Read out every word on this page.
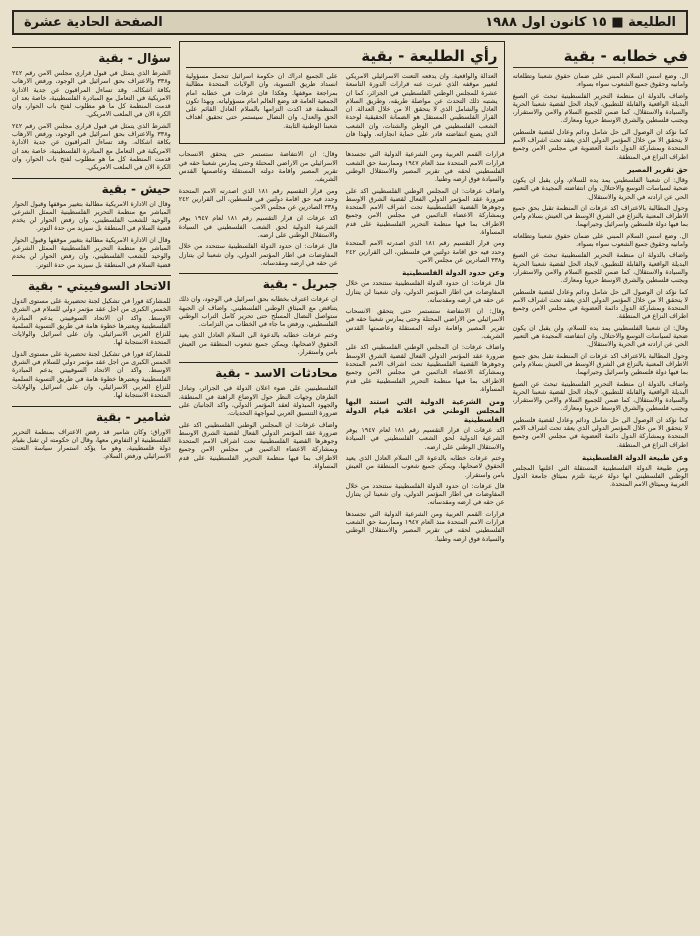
الطليعة ■ ١٥ كانون اول ١٩٨٨
الصفحة الحادية عشرة
في خطابه - بقية

ال. وضع اسس السلام المبني على ضمان حقوق شعبنا وتطلعاته وامانيه وحقوق جميع الشعوب سواء بسواء.

واضاف بالدولة ان منظمة التحرير الفلسطينية تبحث عن الصيغ البديلة الواقعية والقابلة للتطبيق، لايجاد الحل لقضية شعبنا الحرية والسيادة والاستقلال، كما ضمن للجميع السلام والامن والاستقرار، ويجنب فلسطين والشرق الاوسط حروبا ومعارك.

كما نؤكد ان الوصول الى حل شامل ودائم وعادل لقضية فلسطين لا يتحقق الا من خلال المؤتمر الدولي الذي يعقد تحت اشراف الامم المتحدة وبمشاركة الدول دائمة العضوية في مجلس الامن وجميع اطراف النزاع في المنطقة.

حق تقرير المصير

وقال: ان شعبنا الفلسطيني يمد يده للسلام، ولن يقبل ان يكون ضحية لسياسات التوسع والاحتلال، وان انتفاضته المجيدة هي التعبير الحي عن ارادته في الحرية والاستقلال.

وحول المطالبة بالاعتراف اكد عرفات ان المنظمة تقبل بحق جميع الاطراف المعنية بالنزاع في الشرق الاوسط في العيش بسلام وامن بما فيها دولة فلسطين واسرائيل وجيرانهما.

ال. وضع اسس السلام المبني على ضمان حقوق شعبنا وتطلعاته وامانيه وحقوق جميع الشعوب سواء بسواء.

واضاف بالدولة ان منظمة التحرير الفلسطينية تبحث عن الصيغ البديلة الواقعية والقابلة للتطبيق، لايجاد الحل لقضية شعبنا الحرية والسيادة والاستقلال، كما ضمن للجميع السلام والامن والاستقرار، ويجنب فلسطين والشرق الاوسط حروبا ومعارك.

كما نؤكد ان الوصول الى حل شامل ودائم وعادل لقضية فلسطين لا يتحقق الا من خلال المؤتمر الدولي الذي يعقد تحت اشراف الامم المتحدة وبمشاركة الدول دائمة العضوية في مجلس الامن وجميع اطراف النزاع في المنطقة.

وقال: ان شعبنا الفلسطيني يمد يده للسلام، ولن يقبل ان يكون ضحية لسياسات التوسع والاحتلال، وان انتفاضته المجيدة هي التعبير الحي عن ارادته في الحرية والاستقلال.

وحول المطالبة بالاعتراف اكد عرفات ان المنظمة تقبل بحق جميع الاطراف المعنية بالنزاع في الشرق الاوسط في العيش بسلام وامن بما فيها دولة فلسطين واسرائيل وجيرانهما.

واضاف بالدولة ان منظمة التحرير الفلسطينية تبحث عن الصيغ البديلة الواقعية والقابلة للتطبيق، لايجاد الحل لقضية شعبنا الحرية والسيادة والاستقلال، كما ضمن للجميع السلام والامن والاستقرار، ويجنب فلسطين والشرق الاوسط حروبا ومعارك.

كما نؤكد ان الوصول الى حل شامل ودائم وعادل لقضية فلسطين لا يتحقق الا من خلال المؤتمر الدولي الذي يعقد تحت اشراف الامم المتحدة وبمشاركة الدول دائمة العضوية في مجلس الامن وجميع اطراف النزاع في المنطقة.

وعن طبيعة الدولة الفلسطينية

ومن طبيعة الدولة الفلسطينية المستقلة التي اعلنها المجلس الوطني الفلسطيني انها دولة عربية تلتزم بميثاق جامعة الدول العربية وبميثاق الامم المتحدة.

رأي الطليعة - بقية
العدالة والواقعية. وان يدفعه التعنت الاسرائيلي الامريكي لتغيير موقفه الذي عبرت عنه قرارات الدورة التاسعة عشرة للمجلس الوطني الفلسطيني في الجزائر، كما ان يشتبه ذلك التحدث عن مواصلة طريقه، وطريق السلام العادل والشامل الذي لا يتحقق الا من خلال العدالة. ان القرار الفلسطيني المستقل هو الضمانة الحقيقية لوحدة الشعب الفلسطيني في الوطن والشتات، وان الشعب الذي يصنع انتفاضته قادر على حماية انجازاته. ولهذا فان على الجميع ادراك ان حكومة اسرائيل تتحمل مسؤولية انسداد طريق التسوية، وان الولايات المتحدة مطالبة بمراجعة موقفها. وهكذا فان عرفات في خطابه امام الجمعية العامة قد وضع العالم امام مسؤولياته. وبهذا تكون المنظمة قد اكدت التزامها بالسلام العادل القائم على الحق والعدل، وان النضال سيستمر حتى تحقيق اهداف شعبنا الوطنية الثابتة.

قرارات القمم العربية ومن الشرعية الدولية التي تجسدها قرارات الامم المتحدة منذ العام ١٩٤٧ وممارسة حق الشعب الفلسطيني لحقه في تقرير المصير والاستقلال الوطني والسيادة فوق ارضه وطنيا.

واضاف عرفات: ان المجلس الوطني الفلسطيني اكد على ضرورة عقد المؤتمر الدولي الفعال لقضية الشرق الاوسط وجوهرها القضية الفلسطينية تحت اشراف الامم المتحدة وبمشاركة الاعضاء الدائمين في مجلس الامن وجميع الاطراف بما فيها منظمة التحرير الفلسطينية على قدم المساواة.

ومن قرار التقسيم رقم ١٨١ الذي اصدرته الامم المتحدة وحدد فيه حق اقامة دولتين في فلسطين، الى القرارين ٢٤٢ و٣٣٨ الصادرين عن مجلس الامن.

وعن حدود الدولة الفلسطينية

قال عرفات: ان حدود الدولة الفلسطينية ستتحدد من خلال المفاوضات في اطار المؤتمر الدولي، وان شعبنا لن يتنازل عن حقه في ارضه ومقدساته.

وقال: ان الانتفاضة ستستمر حتى يتحقق الانسحاب الاسرائيلي من الاراضي المحتلة وحتى يمارس شعبنا حقه في تقرير المصير واقامة دولته المستقلة وعاصمتها القدس الشريف.

واضاف عرفات: ان المجلس الوطني الفلسطيني اكد على ضرورة عقد المؤتمر الدولي الفعال لقضية الشرق الاوسط وجوهرها القضية الفلسطينية تحت اشراف الامم المتحدة وبمشاركة الاعضاء الدائمين في مجلس الامن وجميع الاطراف بما فيها منظمة التحرير الفلسطينية على قدم المساواة.

ومن الشرعية الدولية التي استند اليها المجلس الوطني في اعلانه قيام الدولة الفلسطينية

اكد عرفات ان قرار التقسيم رقم ١٨١ لعام ١٩٤٧ يوفر الشرعية الدولية لحق الشعب الفلسطيني في السيادة والاستقلال الوطني على ارضه.

وختم عرفات خطابه بالدعوة الى السلام العادل الذي يعيد الحقوق لاصحابها، ويمكن جميع شعوب المنطقة من العيش بامن واستقرار.

قال عرفات: ان حدود الدولة الفلسطينية ستتحدد من خلال المفاوضات في اطار المؤتمر الدولي، وان شعبنا لن يتنازل عن حقه في ارضه ومقدساته.

قرارات القمم العربية ومن الشرعية الدولية التي تجسدها قرارات الامم المتحدة منذ العام ١٩٤٧ وممارسة حق الشعب الفلسطيني لحقه في تقرير المصير والاستقلال الوطني والسيادة فوق ارضه وطنيا.

وقال: ان الانتفاضة ستستمر حتى يتحقق الانسحاب الاسرائيلي من الاراضي المحتلة وحتى يمارس شعبنا حقه في تقرير المصير واقامة دولته المستقلة وعاصمتها القدس الشريف.

ومن قرار التقسيم رقم ١٨١ الذي اصدرته الامم المتحدة وحدد فيه حق اقامة دولتين في فلسطين، الى القرارين ٢٤٢ و٣٣٨ الصادرين عن مجلس الامن.

اكد عرفات ان قرار التقسيم رقم ١٨١ لعام ١٩٤٧ يوفر الشرعية الدولية لحق الشعب الفلسطيني في السيادة والاستقلال الوطني على ارضه.

قال عرفات: ان حدود الدولة الفلسطينية ستتحدد من خلال المفاوضات في اطار المؤتمر الدولي، وان شعبنا لن يتنازل عن حقه في ارضه ومقدساته.

جبريل - بقية

ان عرفات اعترف بخطابه بحق اسرائيل في الوجود، وان ذلك يتناقض مع الميثاق الوطني الفلسطيني. واضاف ان الجبهة ستواصل النضال المسلح حتى تحرير كامل التراب الوطني الفلسطيني، ورفض ما جاء في الخطاب من التزامات.

وختم عرفات خطابه بالدعوة الى السلام العادل الذي يعيد الحقوق لاصحابها، ويمكن جميع شعوب المنطقة من العيش بامن واستقرار.

محادثات الاسد - بقية

الفلسطينيين على ضوء اعلان الدولة في الجزائر، وتبادل الطرفان وجهات النظر حول الاوضاع الراهنة في المنطقة، والجهود المبذولة لعقد المؤتمر الدولي، واكد الجانبان على ضرورة التنسيق العربي لمواجهة التحديات.

واضاف عرفات: ان المجلس الوطني الفلسطيني اكد على ضرورة عقد المؤتمر الدولي الفعال لقضية الشرق الاوسط وجوهرها القضية الفلسطينية تحت اشراف الامم المتحدة وبمشاركة الاعضاء الدائمين في مجلس الامن وجميع الاطراف بما فيها منظمة التحرير الفلسطينية على قدم المساواة.

سؤال - بقية

الشرط الذي يتمثل في قبول قراري مجلس الامن رقم ٢٤٢ و٣٣٨ والاعتراف بحق اسرائيل في الوجود، ورفض الارهاب بكافة اشكاله. وقد تساءل المراقبون عن جدية الادارة الامريكية في التعامل مع المبادرة الفلسطينية، خاصة بعد ان قدمت المنظمة كل ما هو مطلوب لفتح باب الحوار، وان الكرة الان في الملعب الامريكي.

الشرط الذي يتمثل في قبول قراري مجلس الامن رقم ٢٤٢ و٣٣٨ والاعتراف بحق اسرائيل في الوجود، ورفض الارهاب بكافة اشكاله. وقد تساءل المراقبون عن جدية الادارة الامريكية في التعامل مع المبادرة الفلسطينية، خاصة بعد ان قدمت المنظمة كل ما هو مطلوب لفتح باب الحوار، وان الكرة الان في الملعب الامريكي.

حيش - بقية

وقال ان الادارة الامريكية مطالبة بتغيير موقفها وقبول الحوار المباشر مع منظمة التحرير الفلسطينية الممثل الشرعي والوحيد للشعب الفلسطيني، وان رفض الحوار لن يخدم قضية السلام في المنطقة بل سيزيد من حدة التوتر.

وقال ان الادارة الامريكية مطالبة بتغيير موقفها وقبول الحوار المباشر مع منظمة التحرير الفلسطينية الممثل الشرعي والوحيد للشعب الفلسطيني، وان رفض الحوار لن يخدم قضية السلام في المنطقة بل سيزيد من حدة التوتر.

الاتحاد السوفييتي - بقية

للمشاركة فورا في تشكيل لجنة تحضيرية على مستوى الدول الخمس الكبرى من اجل عقد مؤتمر دولي للسلام في الشرق الاوسط. واكد ان الاتحاد السوفييتي يدعم المبادرة الفلسطينية ويعتبرها خطوة هامة في طريق التسوية السلمية للنزاع العربي الاسرائيلي، وان على اسرائيل والولايات المتحدة الاستجابة لها.

للمشاركة فورا في تشكيل لجنة تحضيرية على مستوى الدول الخمس الكبرى من اجل عقد مؤتمر دولي للسلام في الشرق الاوسط. واكد ان الاتحاد السوفييتي يدعم المبادرة الفلسطينية ويعتبرها خطوة هامة في طريق التسوية السلمية للنزاع العربي الاسرائيلي، وان على اسرائيل والولايات المتحدة الاستجابة لها.

شامير - بقية

الاوراق: وكان شامير قد رفض الاعتراف بمنظمة التحرير الفلسطينية او التفاوض معها، وقال ان حكومته لن تقبل بقيام دولة فلسطينية، وهو ما يؤكد استمرار سياسة التعنت الاسرائيلي ورفض السلام.
